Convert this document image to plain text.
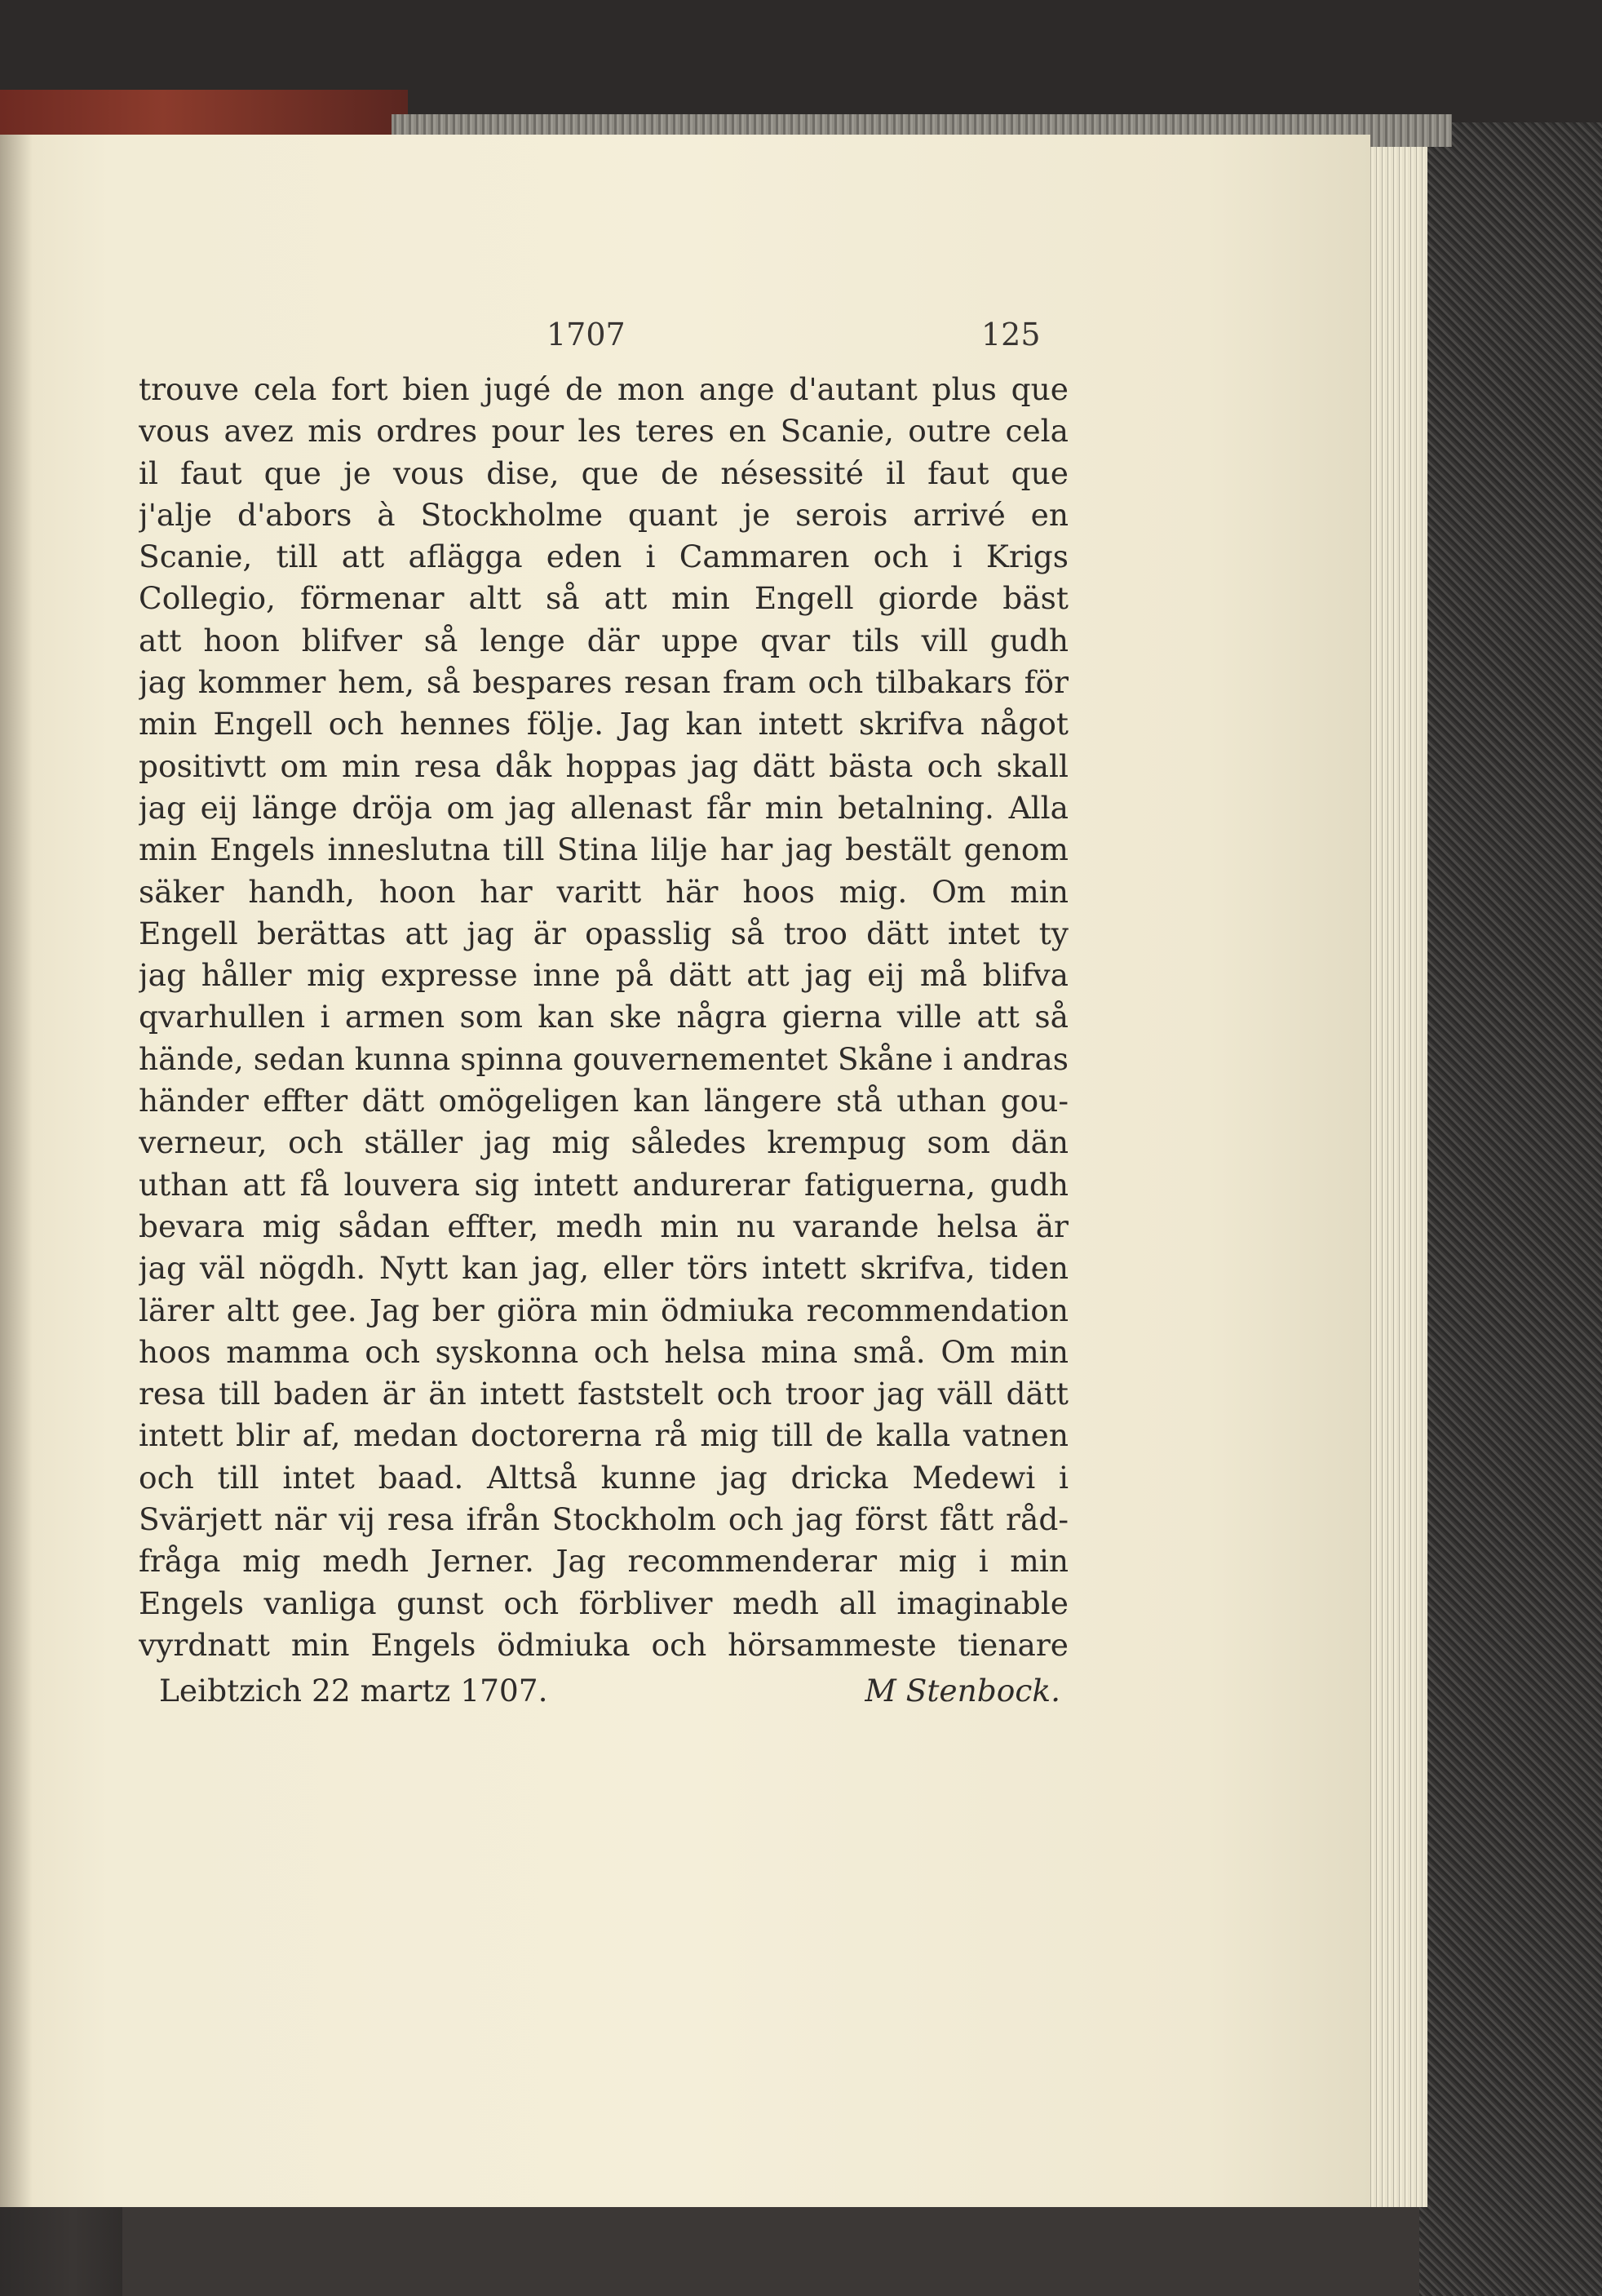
1707	125
trouve cela fort bien jugé de mon ange d'autant plus que
vous avez mis ordres pour les teres en Scanie, outre cela
il faut que je vous dise, que de nésessité il faut que
j'alje d'abors à Stockholme quant je serois arrivé en
Scanie, till att aflägga eden i Cammaren och i Krigs
Collegio, förmenar altt så att min Engell giorde bäst
att hoon blifver så lenge där uppe qvar tils vill gudh
jag kommer hem, så bespares resan fram och tilbakars för
min Engell och hennes följe. Jag kan intett skrifva något
positivtt om min resa dåk hoppas jag dätt bästa och skall
jag eij länge dröja om jag allenast får min betalning. Alla
min Engels inneslutna till Stina lilje har jag bestält genom
säker handh, hoon har varitt här hoos mig. Om min
Engell berättas att jag är opasslig så troo dätt intet ty
jag håller mig expresse inne på dätt att jag eij må blifva
qvarhullen i armen som kan ske några gierna ville att så
hände, sedan kunna spinna gouvernementet Skåne i andras
händer effter dätt omögeligen kan längere stå uthan gou-
verneur, och ställer jag mig således krempug som dän
uthan att få louvera sig intett andurerar fatiguerna, gudh
bevara mig sådan effter, medh min nu varande helsa är
jag väl nögdh. Nytt kan jag, eller törs intett skrifva, tiden
lärer altt gee. Jag ber giöra min ödmiuka recommendation
hoos mamma och syskonna och helsa mina små. Om min
resa till baden är än intett faststelt och troor jag väll dätt
intett blir af, medan doctorerna rå mig till de kalla vatnen
och till intet baad. Alttså kunne jag dricka Medewi i
Svärjett när vij resa ifrån Stockholm och jag först fått råd-
fråga mig medh Jerner. Jag recommenderar mig i min
Engels vanliga gunst och förbliver medh all imaginable
vyrdnatt min Engels ödmiuka och hörsammeste tienare
Leibtzich 22 martz 1707.	M Stenbock.
